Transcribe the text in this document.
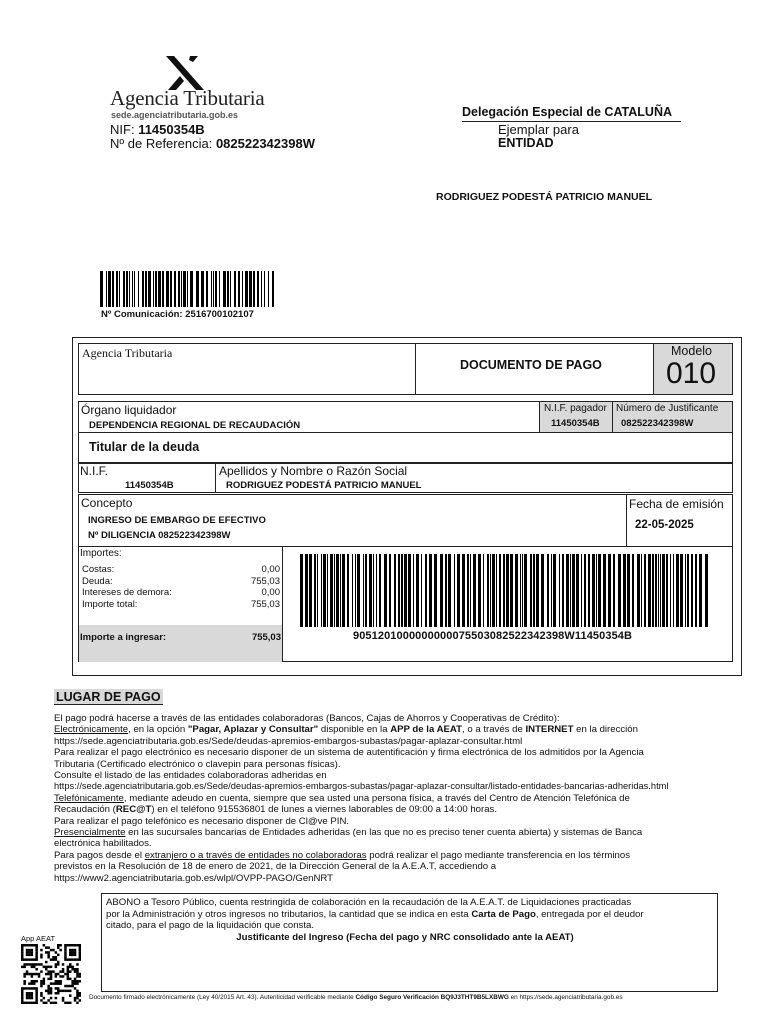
Agencia Tributaria
sede.agenciatributaria.gob.es
NIF: 11450354B
Nº de Referencia: 082522342398W
Delegación Especial de CATALUÑA
Ejemplar para
ENTIDAD
RODRIGUEZ PODESTÁ PATRICIO MANUEL
Nº Comunicación: 2516700102107
Agencia Tributaria
DOCUMENTO DE PAGO
Modelo
010
Órgano liquidador
DEPENDENCIA REGIONAL DE RECAUDACIÓN
N.I.F. pagador
11450354B
Número de Justificante
082522342398W
Titular de la deuda
N.I.F.
11450354B
Apellidos y Nombre o Razón Social
RODRIGUEZ PODESTÁ PATRICIO MANUEL
Concepto
INGRESO DE EMBARGO DE EFECTIVO
Nº DILIGENCIA 082522342398W
Fecha de emisión
22-05-2025
Importes:
Costas:	0,00
Deuda:	755,03
Intereses de demora:	0,00
Importe total:	755,03
Importe a ingresar:	755,03	9051201000000000075503082522342398W11450354B
LUGAR DE PAGO

El pago podrá hacerse a través de las entidades colaboradoras (Bancos, Cajas de Ahorros y Cooperativas de Crédito):

Electrónicamente, en la opción "Pagar, Aplazar y Consultar" disponible en la APP de la AEAT, o a través de INTERNET en la dirección

https://sede.agenciatributaria.gob.es/Sede/deudas-apremios-embargos-subastas/pagar-aplazar-consultar.html

Para realizar el pago electrónico es necesario disponer de un sistema de autentificación y firma electrónica de los admitidos por la Agencia

Tributaria (Certificado electrónico o clavepin para personas físicas).

Consulte el listado de las entidades colaboradoras adheridas en

https://sede.agenciatributaria.gob.es/Sede/deudas-apremios-embargos-subastas/pagar-aplazar-consultar/listado-entidades-bancarias-adheridas.html

Telefónicamente, mediante adeudo en cuenta, siempre que sea usted una persona física, a través del Centro de Atención Telefónica de

Recaudación (REC@T) en el teléfono 915536801 de lunes a viernes laborables de 09:00 a 14:00 horas.

Para realizar el pago telefónico es necesario disponer de Cl@ve PIN.

Presencialmente en las sucursales bancarias de Entidades adheridas (en las que no es preciso tener cuenta abierta) y sistemas de Banca

electrónica habilitados.

Para pagos desde el extranjero o a través de entidades no colaboradoras podrá realizar el pago mediante transferencia en los términos

previstos en la Resolución de 18 de enero de 2021, de la Dirección General de la A.E.A.T, accediendo a

https://www2.agenciatributaria.gob.es/wlpl/OVPP-PAGO/GenNRT

ABONO a Tesoro Público, cuenta restringida de colaboración en la recaudación de la A.E.A.T. de Liquidaciones practicadas
por la Administración y otros ingresos no tributarios, la cantidad que se indica en esta Carta de Pago, entregada por el deudor
citado, para el pago de la liquidación que consta.
Justificante del Ingreso (Fecha del pago y NRC consolidado ante la AEAT)
App AEAT
Documento firmado electrónicamente (Ley 40/2015 Art. 43). Autenticidad verificable mediante Código Seguro Verificación BQ9J3THT9B5LXBWG en https://sede.agenciatributaria.gob.es
